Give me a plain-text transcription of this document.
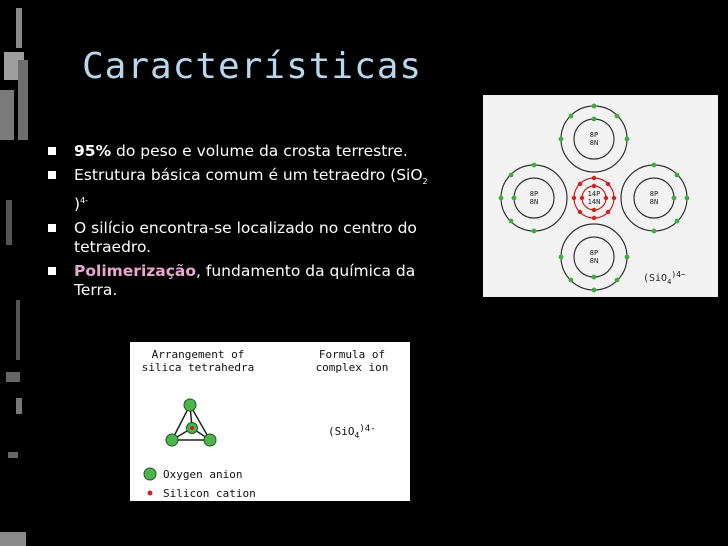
Características
95% do peso e volume da crosta terrestre.
Estrutura básica comum é um tetraedro (SiO$_2$ )$^{4-}$
O silício encontra-se localizado no centro do tetraedro.
Polimerização, fundamento da química da Terra.
8P
8N
8P
8N
8P
8N
8P
8N
14P
14N
(SiO$_4^{)4-}$
Arrangement of
silica tetrahedra
Formula of
complex ion
(SiO$_4^{)4-}$
Oxygen anion
Silicon cation
